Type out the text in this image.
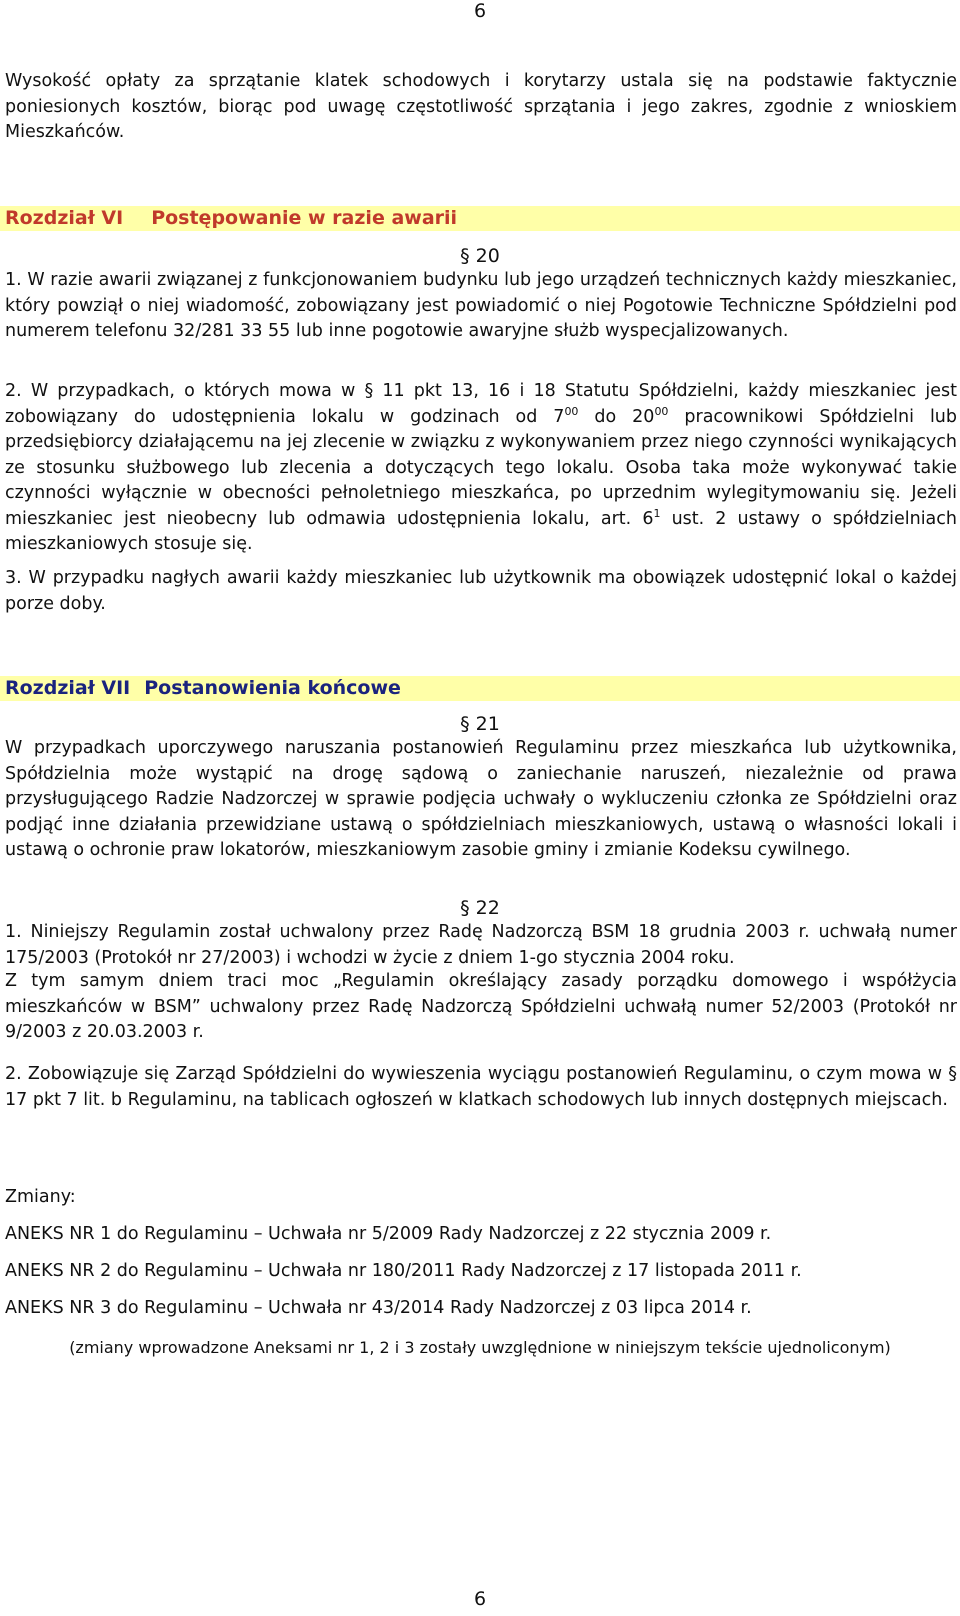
6

Wysokość opłaty za sprzątanie klatek schodowych i korytarzy ustala się na podstawie faktycznie poniesionych kosztów, biorąc pod uwagę częstotliwość sprzątania i jego zakres, zgodnie z wnioskiem Mieszkańców.

Rozdział VI Postępowanie w razie awarii
§ 20

1. W razie awarii związanej z funkcjonowaniem budynku lub jego urządzeń technicznych każdy mieszkaniec, który powziął o niej wiadomość, zobowiązany jest powiadomić o niej Pogotowie Techniczne Spółdzielni pod numerem telefonu 32/281 33 55 lub inne pogotowie awaryjne służb wyspecjalizowanych.

2. W przypadkach, o których mowa w § 11 pkt 13, 16 i 18 Statutu Spółdzielni, każdy mieszkaniec jest zobowiązany do udostępnienia lokalu w godzinach od $7^{00}$ do $20^{00}$ pracownikowi Spółdzielni lub przedsiębiorcy działającemu na jej zlecenie w związku z wykonywaniem przez niego czynności wynikających ze stosunku służbowego lub zlecenia a dotyczących tego lokalu. Osoba taka może wykonywać takie czynności wyłącznie w obecności pełnoletniego mieszkańca, po uprzednim wylegitymowaniu się. Jeżeli mieszkaniec jest nieobecny lub odmawia udostępnienia lokalu, art. $6^1$ ust. 2 ustawy o spółdzielniach mieszkaniowych stosuje się.

3. W przypadku nagłych awarii każdy mieszkaniec lub użytkownik ma obowiązek udostępnić lokal o każdej porze doby.

Rozdział VII Postanowienia końcowe
§ 21

W przypadkach uporczywego naruszania postanowień Regulaminu przez mieszkańca lub użytkownika, Spółdzielnia może wystąpić na drogę sądową o zaniechanie naruszeń, niezależnie od prawa przysługującego Radzie Nadzorczej w sprawie podjęcia uchwały o wykluczeniu członka ze Spółdzielni oraz podjąć inne działania przewidziane ustawą o spółdzielniach mieszkaniowych, ustawą o własności lokali i ustawą o ochronie praw lokatorów, mieszkaniowym zasobie gminy i zmianie Kodeksu cywilnego.

§ 22

1. Niniejszy Regulamin został uchwalony przez Radę Nadzorczą BSM 18 grudnia 2003 r. uchwałą numer 175/2003 (Protokół nr 27/2003) i wchodzi w życie z dniem 1-go stycznia 2004 roku.

Z tym samym dniem traci moc „Regulamin określający zasady porządku domowego i współżycia mieszkańców w BSM” uchwalony przez Radę Nadzorczą Spółdzielni uchwałą numer 52/2003 (Protokół nr 9/2003 z 20.03.2003 r.

2. Zobowiązuje się Zarząd Spółdzielni do wywieszenia wyciągu postanowień Regulaminu, o czym mowa w § 17 pkt 7 lit. b Regulaminu, na tablicach ogłoszeń w klatkach schodowych lub innych dostępnych miejscach.

Zmiany:
ANEKS NR 1 do Regulaminu – Uchwała nr 5/2009 Rady Nadzorczej z 22 stycznia 2009 r.
ANEKS NR 2 do Regulaminu – Uchwała nr 180/2011 Rady Nadzorczej z 17 listopada 2011 r.
ANEKS NR 3 do Regulaminu – Uchwała nr 43/2014 Rady Nadzorczej z 03 lipca 2014 r.
(zmiany wprowadzone Aneksami nr 1, 2 i 3 zostały uwzględnione w niniejszym tekście ujednoliconym)
6
